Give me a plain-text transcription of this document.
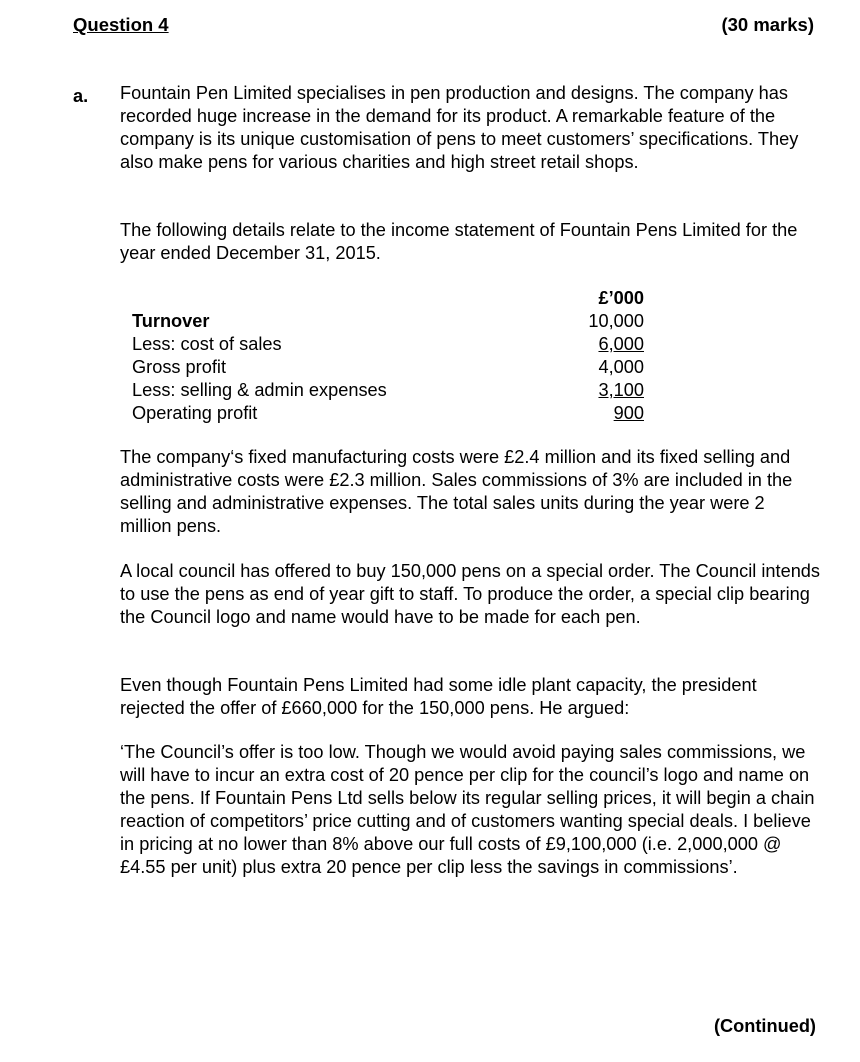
Question 4	(30 marks)
a. Fountain Pen Limited specialises in pen production and designs. The company has recorded huge increase in the demand for its product. A remarkable feature of the company is its unique customisation of pens to meet customers’ specifications. They also make pens for various charities and high street retail shops.

The following details relate to the income statement of Fountain Pens Limited for the year ended December 31, 2015.

£’000
Turnover	10,000
Less: cost of sales	6,000
Gross profit	4,000
Less: selling & admin expenses	3,100
Operating profit	900

The company‘s fixed manufacturing costs were £2.4 million and its fixed selling and administrative costs were £2.3 million. Sales commissions of 3% are included in the selling and administrative expenses. The total sales units during the year were 2 million pens.

A local council has offered to buy 150,000 pens on a special order. The Council intends to use the pens as end of year gift to staff. To produce the order, a special clip bearing the Council logo and name would have to be made for each pen.

Even though Fountain Pens Limited had some idle plant capacity, the president rejected the offer of £660,000 for the 150,000 pens. He argued:

‘The Council’s offer is too low. Though we would avoid paying sales commissions, we will have to incur an extra cost of 20 pence per clip for the council’s logo and name on the pens. If Fountain Pens Ltd sells below its regular selling prices, it will begin a chain reaction of competitors’ price cutting and of customers wanting special deals. I believe in pricing at no lower than 8% above our full costs of £9,100,000 (i.e. 2,000,000 @ £4.55 per unit) plus extra 20 pence per clip less the savings in commissions’.

(Continued)
